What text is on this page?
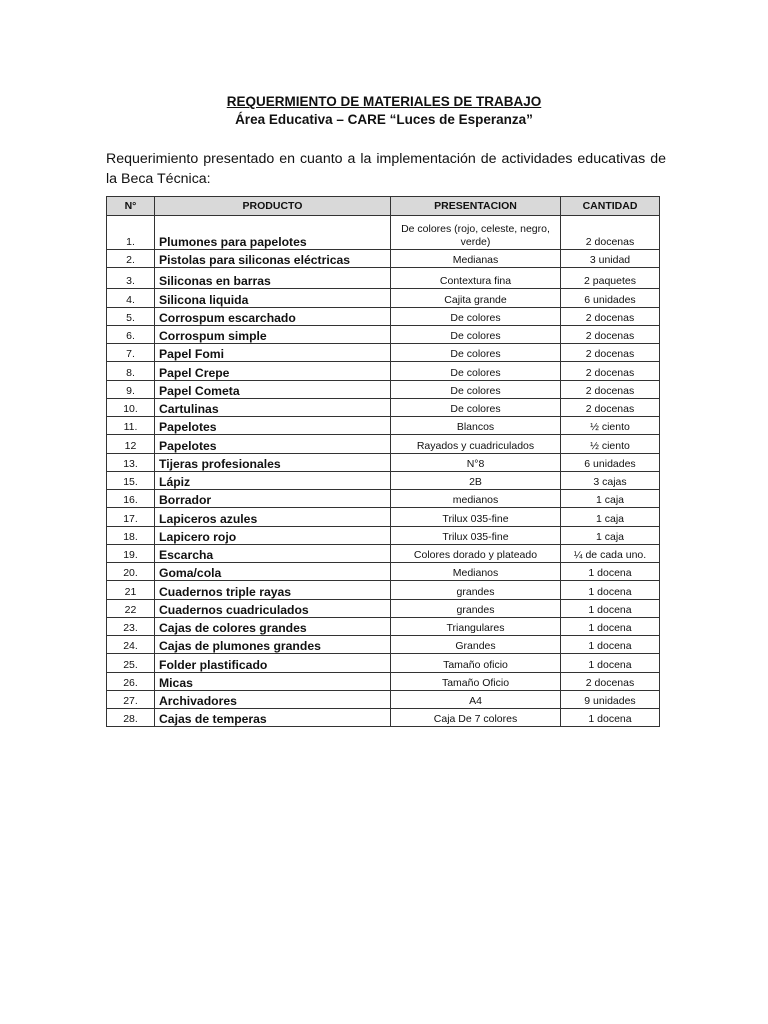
REQUERMIENTO DE MATERIALES DE TRABAJO
Área Educativa – CARE “Luces de Esperanza”
Requerimiento presentado en cuanto a la implementación de actividades educativas de la Beca Técnica:
N°	PRODUCTO	PRESENTACION	CANTIDAD
1.	Plumones para papelotes	De colores (rojo, celeste, negro, verde)	2 docenas
2.	Pistolas para siliconas eléctricas	Medianas	3 unidad
3.	Siliconas en barras	Contextura fina	2 paquetes
4.	Silicona liquida	Cajita grande	6 unidades
5.	Corrospum escarchado	De colores	2 docenas
6.	Corrospum simple	De colores	2 docenas
7.	Papel Fomi	De colores	2 docenas
8.	Papel Crepe	De colores	2 docenas
9.	Papel Cometa	De colores	2 docenas
10.	Cartulinas	De colores	2 docenas
11.	Papelotes	Blancos	½ ciento
12	Papelotes	Rayados y cuadriculados	½ ciento
13.	Tijeras profesionales	N°8	6 unidades
15.	Lápiz	2B	3 cajas
16.	Borrador	medianos	1 caja
17.	Lapiceros azules	Trilux 035-fine	1 caja
18.	Lapicero rojo	Trilux 035-fine	1 caja
19.	Escarcha	Colores dorado y plateado	¼ de cada uno.
20.	Goma/cola	Medianos	1 docena
21	Cuadernos triple rayas	grandes	1 docena
22	Cuadernos cuadriculados	grandes	1 docena
23.	Cajas de colores grandes	Triangulares	1 docena
24.	Cajas de plumones grandes	Grandes	1 docena
25.	Folder plastificado	Tamaño oficio	1 docena
26.	Micas	Tamaño Oficio	2 docenas
27.	Archivadores	A4	9 unidades
28.	Cajas de temperas	Caja De 7 colores	1 docena
